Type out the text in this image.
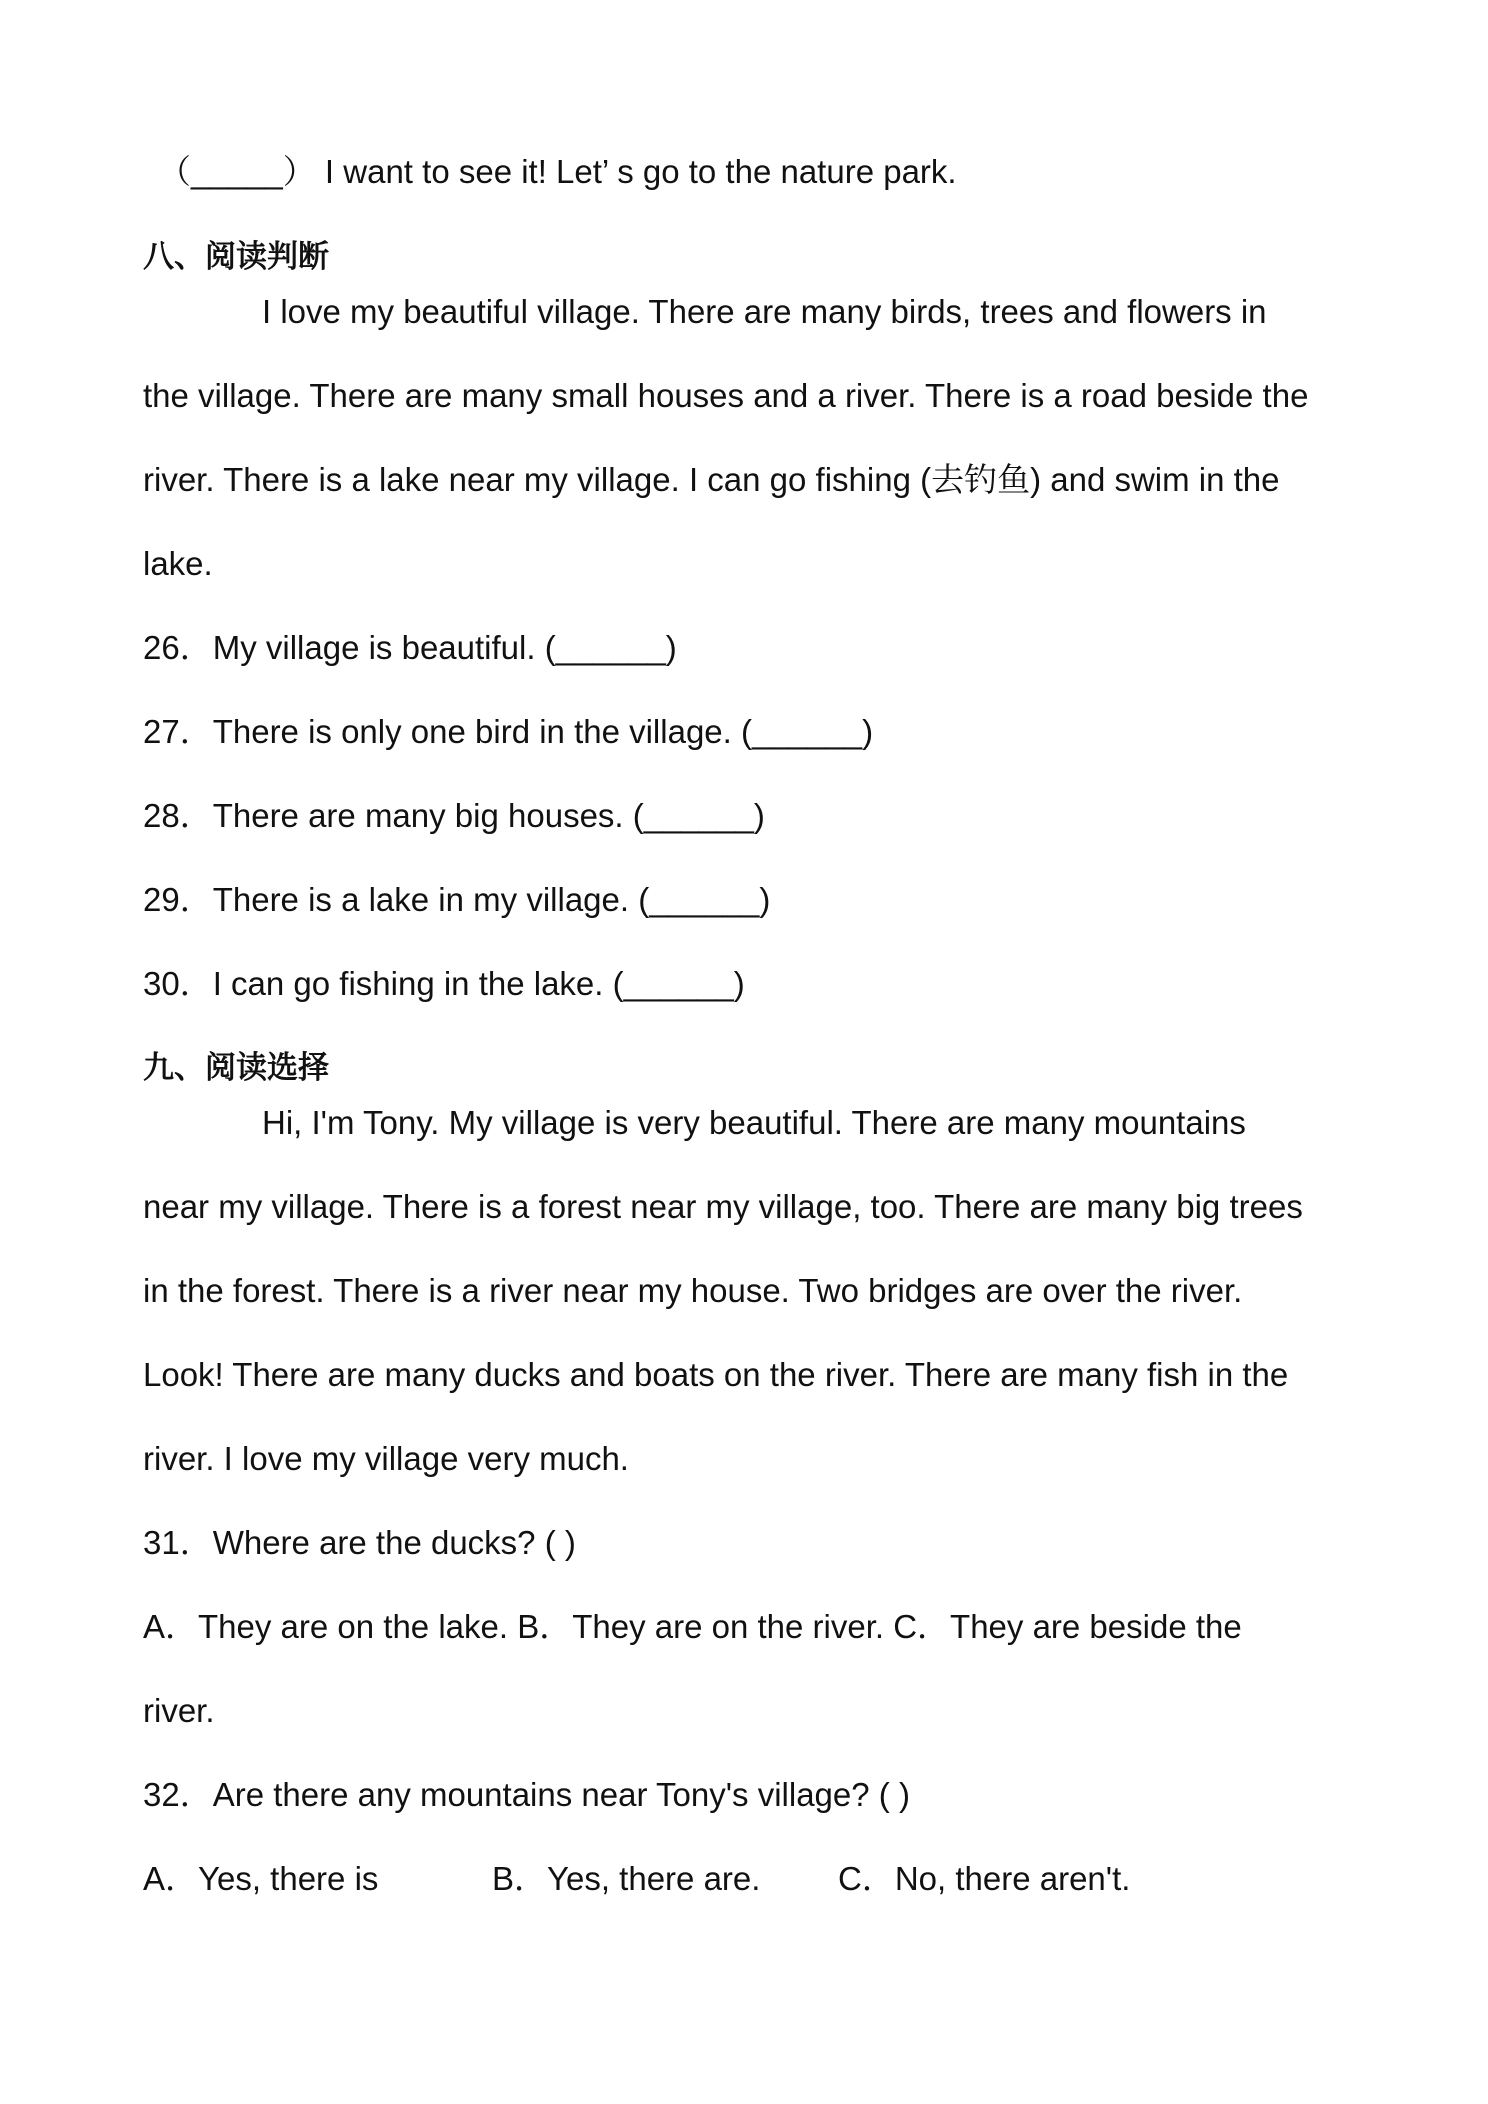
（_____） I want to see it! Let’ s go to the nature park.
八、阅读判断
I love my beautiful village. There are many birds, trees and flowers in
the village. There are many small houses and a river. There is a road beside the
river. There is a lake near my village. I can go fishing (去钓鱼) and swim in the
lake.
26．My village is beautiful. (______)
27．There is only one bird in the village. (______)
28．There are many big houses. (______)
29．There is a lake in my village. (______)
30．I can go fishing in the lake. (______)
九、阅读选择
Hi, I'm Tony. My village is very beautiful. There are many mountains
near my village. There is a forest near my village, too. There are many big trees
in the forest. There is a river near my house. Two bridges are over the river.
Look! There are many ducks and boats on the river. There are many fish in the
river. I love my village very much.
31．Where are the ducks? ( )
A．They are on the lake. B．They are on the river. C．They are beside the
river.
32．Are there any mountains near Tony's village? ( )
A．Yes, there is	B．Yes, there are. C．No, there aren't.
